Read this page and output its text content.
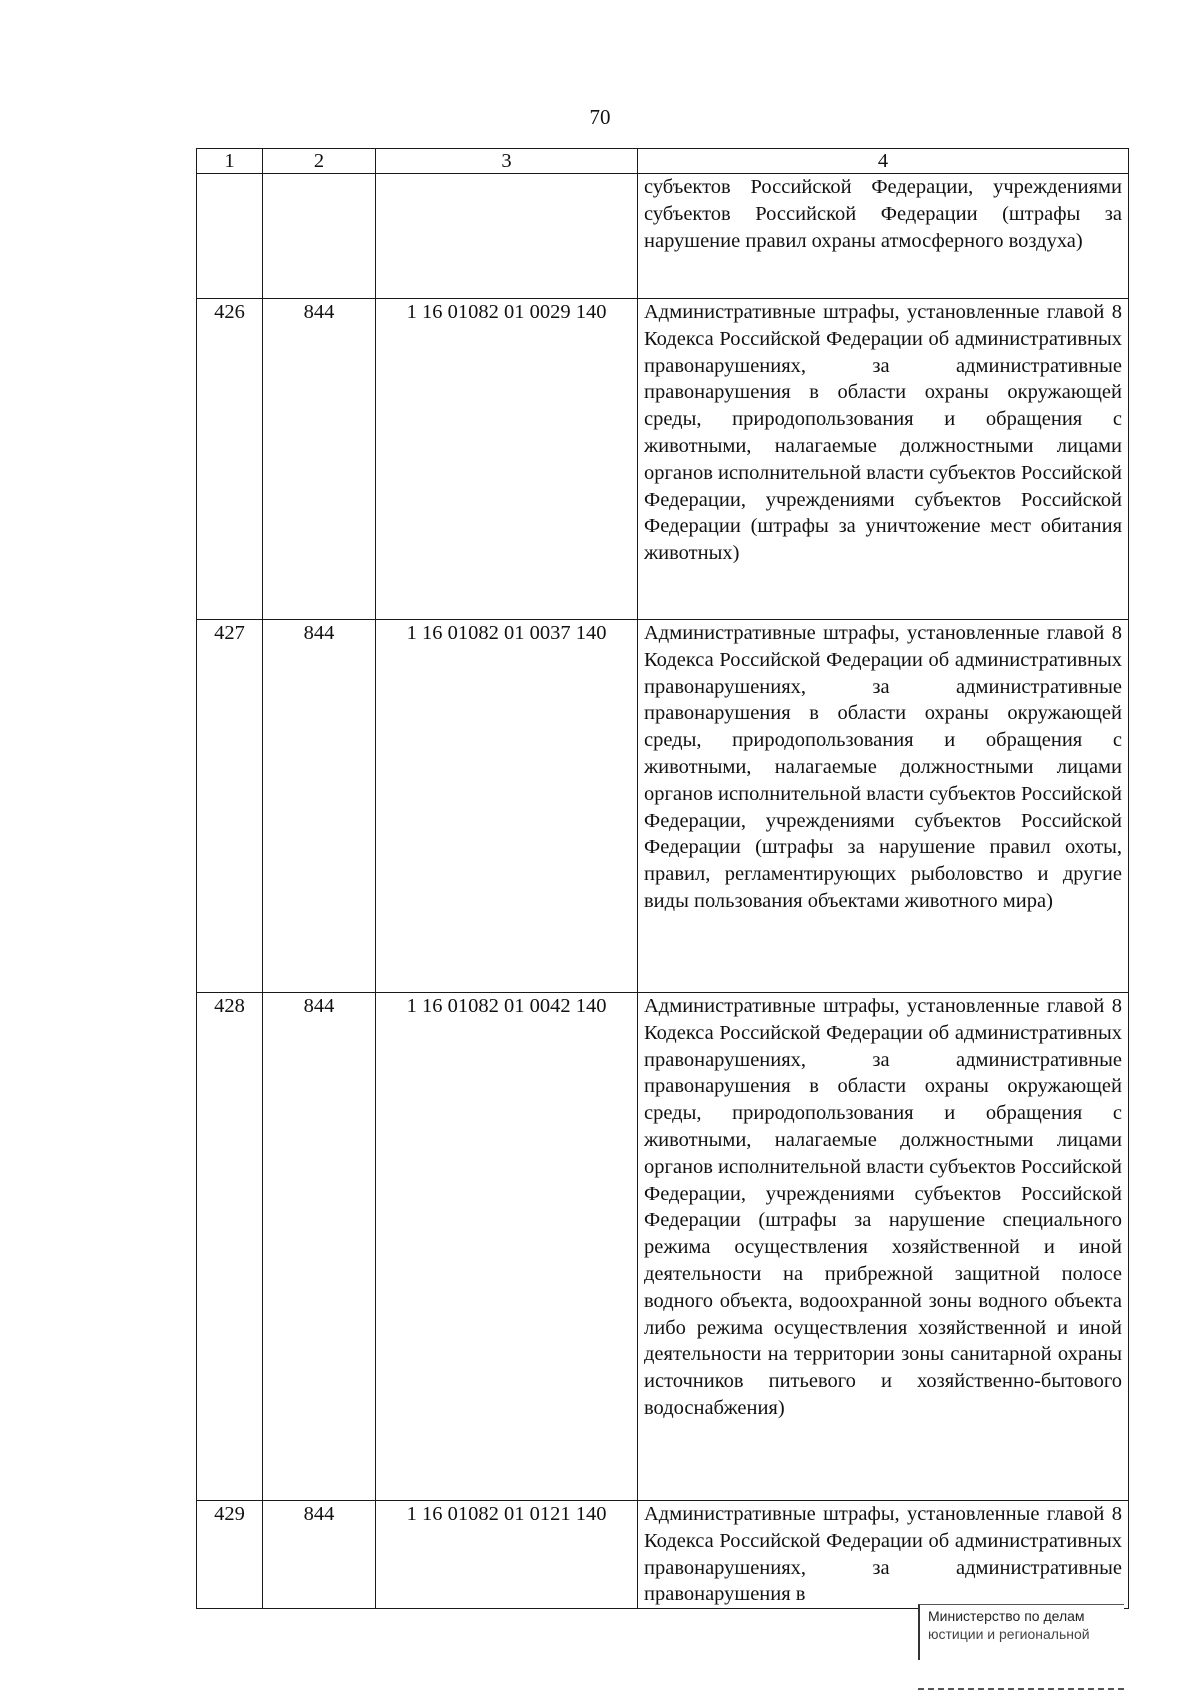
70
1	2	3	4
			субъектов Российской Федерации, учреждениями субъектов Российской Федерации (штрафы за нарушение правил охраны атмосферного воздуха)
426	844	1 16 01082 01 0029 140	Административные штрафы, установленные главой 8 Кодекса Российской Федерации об административных правонарушениях, за административные правонарушения в области охраны окружающей среды, природопользования и обращения с животными, налагаемые должностными лицами органов исполнительной власти субъектов Российской Федерации, учреждениями субъектов Российской Федерации (штрафы за уничтожение мест обитания животных)
427	844	1 16 01082 01 0037 140	Административные штрафы, установленные главой 8 Кодекса Российской Федерации об административных правонарушениях, за административные правонарушения в области охраны окружающей среды, природопользования и обращения с животными, налагаемые должностными лицами органов исполнительной власти субъектов Российской Федерации, учреждениями субъектов Российской Федерации (штрафы за нарушение правил охоты, правил, регламентирующих рыболовство и другие виды пользования объектами животного мира)
428	844	1 16 01082 01 0042 140	Административные штрафы, установленные главой 8 Кодекса Российской Федерации об административных правонарушениях, за административные правонарушения в области охраны окружающей среды, природопользования и обращения с животными, налагаемые должностными лицами органов исполнительной власти субъектов Российской Федерации, учреждениями субъектов Российской Федерации (штрафы за нарушение специального режима осуществления хозяйственной и иной деятельности на прибрежной защитной полосе водного объекта, водоохранной зоны водного объекта либо режима осуществления хозяйственной и иной деятельности на территории зоны санитарной охраны источников питьевого и хозяйственно-бытового водоснабжения)
429	844	1 16 01082 01 0121 140	Административные штрафы, установленные главой 8 Кодекса Российской Федерации об административных правонарушениях, за административные правонарушения в
Министерство по делам
юстиции и региональной
